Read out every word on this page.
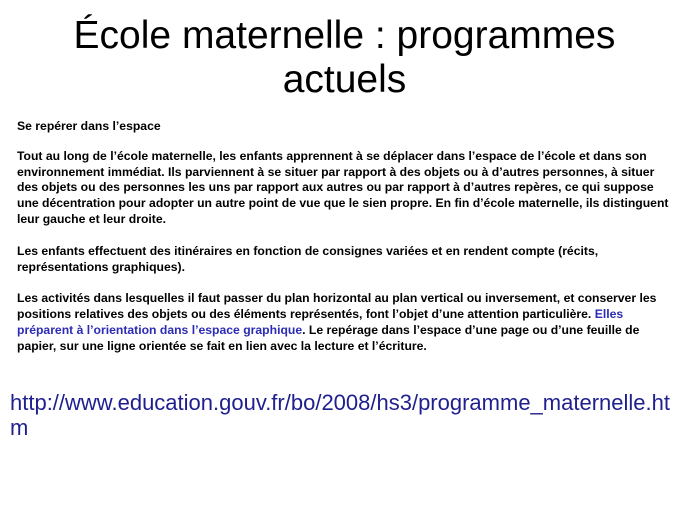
École maternelle : programmes
actuels

Se repérer dans l’espace

Tout au long de l’école maternelle, les enfants apprennent à se déplacer dans l’espace de l’école et dans son environnement immédiat. Ils parviennent à se situer par rapport à des objets ou à d’autres personnes, à situer des objets ou des personnes les uns par rapport aux autres ou par rapport à d’autres repères, ce qui suppose une décentration pour adopter un autre point de vue que le sien propre. En fin d’école maternelle, ils distinguent leur gauche et leur droite.

Les enfants effectuent des itinéraires en fonction de consignes variées et en rendent compte (récits, représentations graphiques).

Les activités dans lesquelles il faut passer du plan horizontal au plan vertical ou inversement, et conserver les positions relatives des objets ou des éléments représentés, font l’objet d’une attention particulière. Elles préparent à l’orientation dans l’espace graphique. Le repérage dans l’espace d’une page ou d’une feuille de papier, sur une ligne orientée se fait en lien avec la lecture et l’écriture.

http://www.education.gouv.fr/bo/2008/hs3/programme_maternelle.htm
